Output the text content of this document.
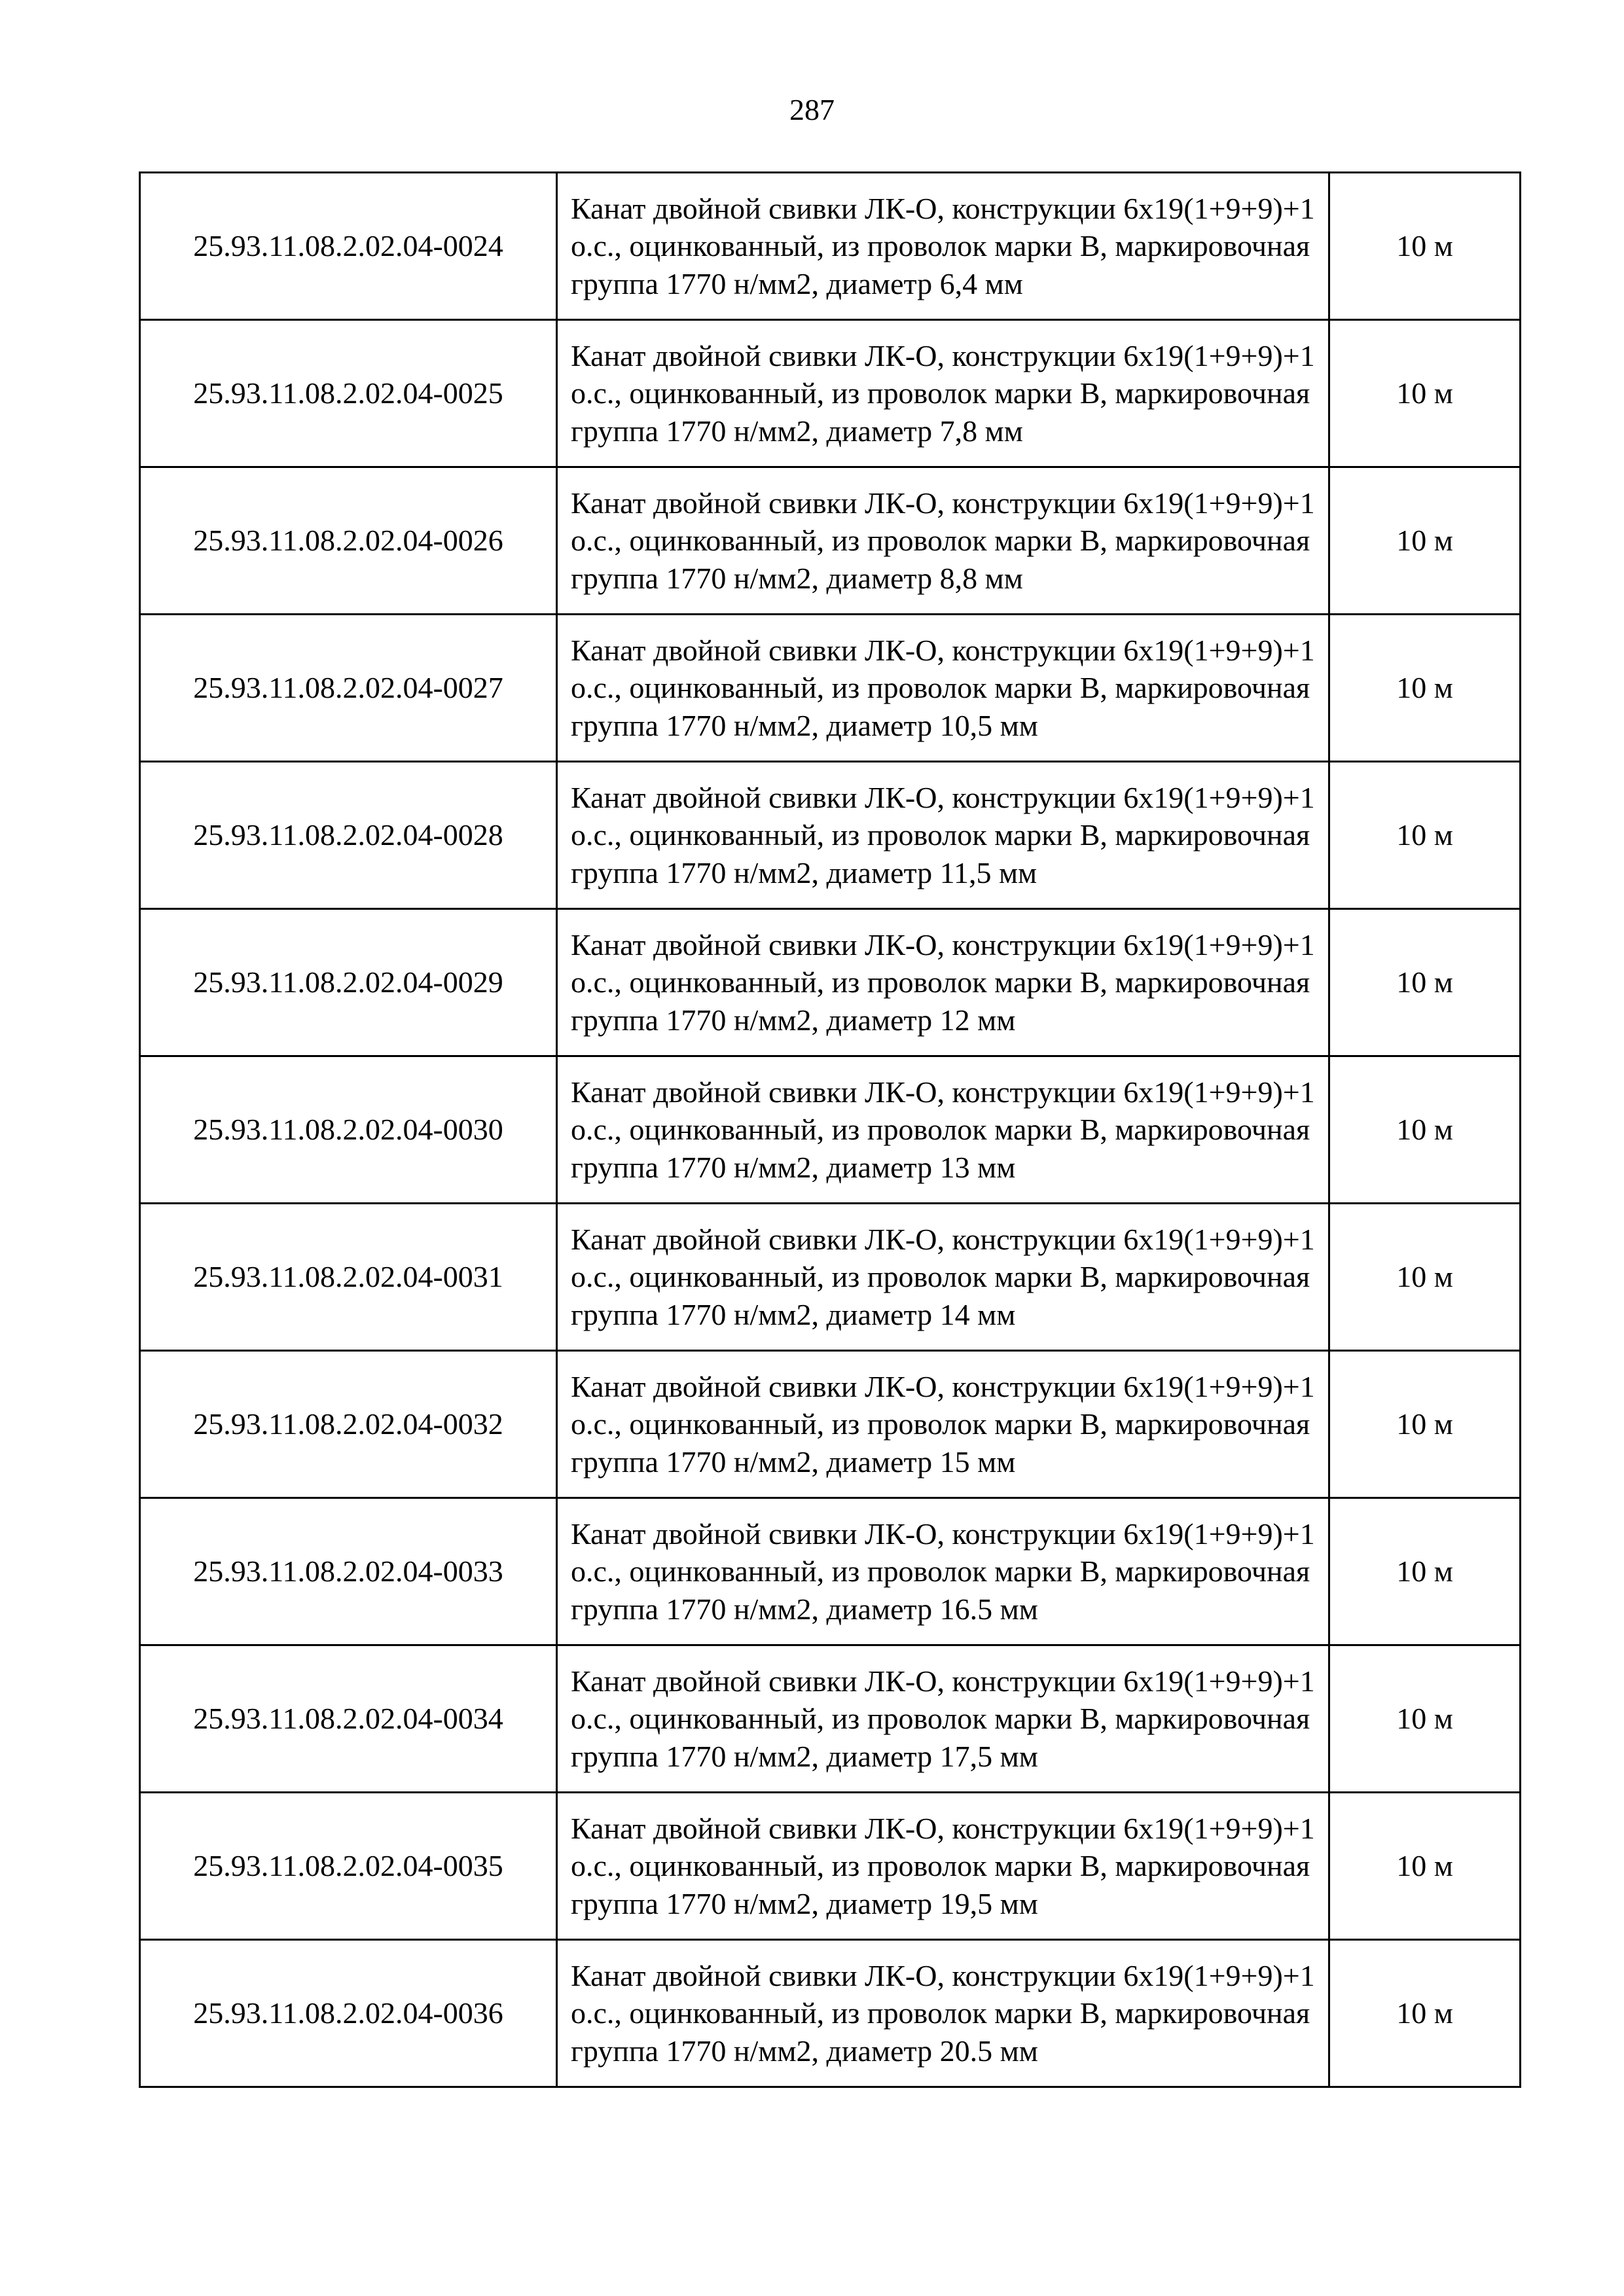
287
25.93.11.08.2.02.04-0024	Канат двойной свивки ЛК-О, конструкции 6х19(1+9+9)+1 о.с., оцинкованный, из проволок марки В, маркировочная группа 1770 н/мм2, диаметр 6,4 мм	10 м
25.93.11.08.2.02.04-0025	Канат двойной свивки ЛК-О, конструкции 6х19(1+9+9)+1 о.с., оцинкованный, из проволок марки В, маркировочная группа 1770 н/мм2, диаметр 7,8 мм	10 м
25.93.11.08.2.02.04-0026	Канат двойной свивки ЛК-О, конструкции 6х19(1+9+9)+1 о.с., оцинкованный, из проволок марки В, маркировочная группа 1770 н/мм2, диаметр 8,8 мм	10 м
25.93.11.08.2.02.04-0027	Канат двойной свивки ЛК-О, конструкции 6х19(1+9+9)+1 о.с., оцинкованный, из проволок марки В, маркировочная группа 1770 н/мм2, диаметр 10,5 мм	10 м
25.93.11.08.2.02.04-0028	Канат двойной свивки ЛК-О, конструкции 6х19(1+9+9)+1 о.с., оцинкованный, из проволок марки В, маркировочная группа 1770 н/мм2, диаметр 11,5 мм	10 м
25.93.11.08.2.02.04-0029	Канат двойной свивки ЛК-О, конструкции 6х19(1+9+9)+1 о.с., оцинкованный, из проволок марки В, маркировочная группа 1770 н/мм2, диаметр 12 мм	10 м
25.93.11.08.2.02.04-0030	Канат двойной свивки ЛК-О, конструкции 6х19(1+9+9)+1 о.с., оцинкованный, из проволок марки В, маркировочная группа 1770 н/мм2, диаметр 13 мм	10 м
25.93.11.08.2.02.04-0031	Канат двойной свивки ЛК-О, конструкции 6х19(1+9+9)+1 о.с., оцинкованный, из проволок марки В, маркировочная группа 1770 н/мм2, диаметр 14 мм	10 м
25.93.11.08.2.02.04-0032	Канат двойной свивки ЛК-О, конструкции 6х19(1+9+9)+1 о.с., оцинкованный, из проволок марки В, маркировочная группа 1770 н/мм2, диаметр 15 мм	10 м
25.93.11.08.2.02.04-0033	Канат двойной свивки ЛК-О, конструкции 6х19(1+9+9)+1 о.с., оцинкованный, из проволок марки В, маркировочная группа 1770 н/мм2, диаметр 16.5 мм	10 м
25.93.11.08.2.02.04-0034	Канат двойной свивки ЛК-О, конструкции 6х19(1+9+9)+1 о.с., оцинкованный, из проволок марки В, маркировочная группа 1770 н/мм2, диаметр 17,5 мм	10 м
25.93.11.08.2.02.04-0035	Канат двойной свивки ЛК-О, конструкции 6х19(1+9+9)+1 о.с., оцинкованный, из проволок марки В, маркировочная группа 1770 н/мм2, диаметр 19,5 мм	10 м
25.93.11.08.2.02.04-0036	Канат двойной свивки ЛК-О, конструкции 6х19(1+9+9)+1 о.с., оцинкованный, из проволок марки В, маркировочная группа 1770 н/мм2, диаметр 20.5 мм	10 м
